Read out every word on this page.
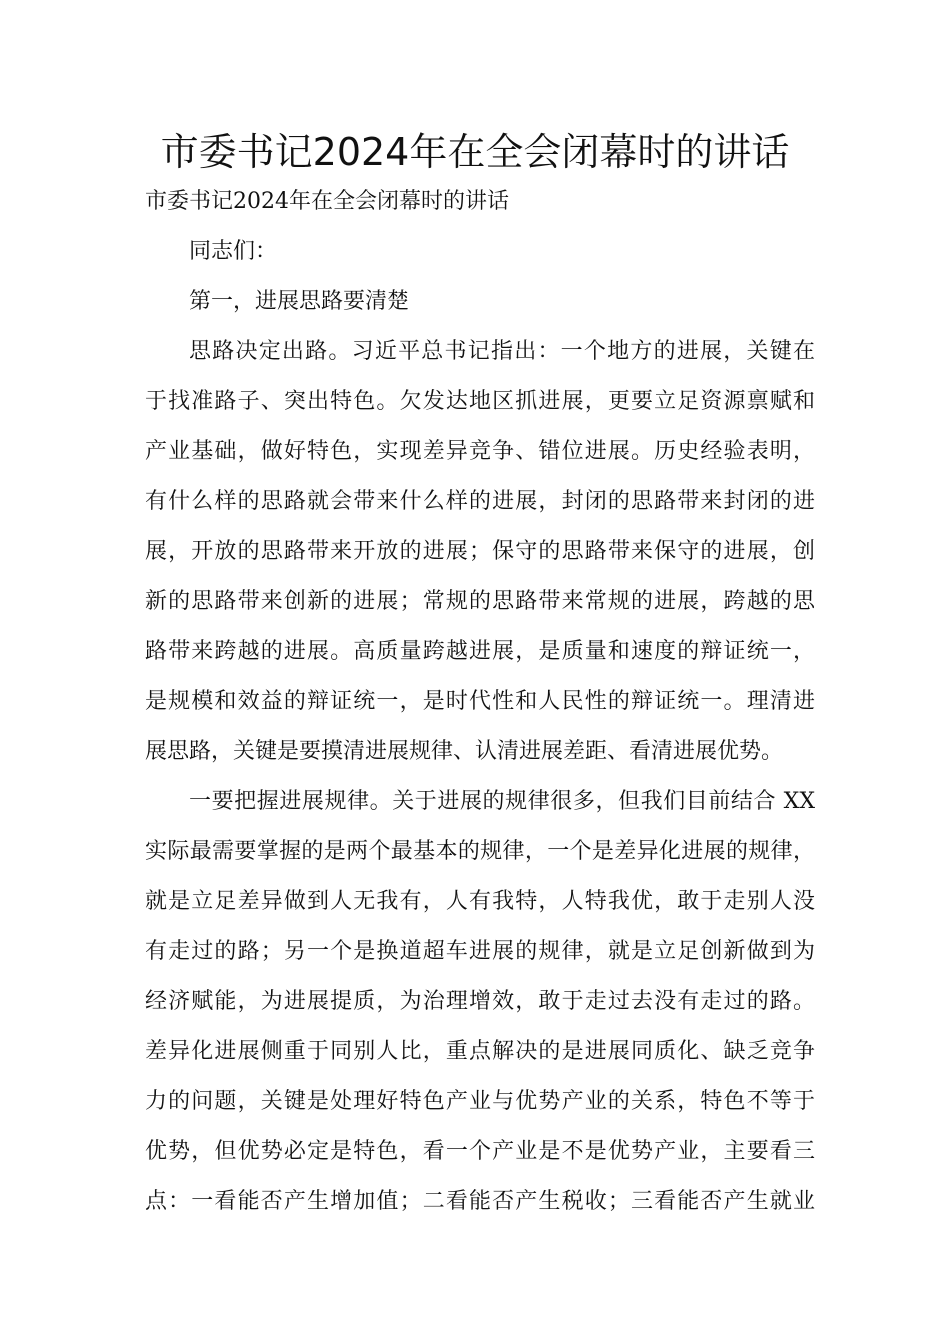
市委书记2024年在全会闭幕时的讲话
市委书记2024年在全会闭幕时的讲话
同志们：
第一，进展思路要清楚
思路决定出路。习近平总书记指出：一个地方的进展，关键在
于找准路子、突出特色。欠发达地区抓进展，更要立足资源禀赋和
产业基础，做好特色，实现差异竞争、错位进展。历史经验表明，
有什么样的思路就会带来什么样的进展，封闭的思路带来封闭的进
展，开放的思路带来开放的进展；保守的思路带来保守的进展，创
新的思路带来创新的进展；常规的思路带来常规的进展，跨越的思
路带来跨越的进展。高质量跨越进展，是质量和速度的辩证统一，
是规模和效益的辩证统一，是时代性和人民性的辩证统一。理清进
展思路，关键是要摸清进展规律、认清进展差距、看清进展优势。
一要把握进展规律。关于进展的规律很多，但我们目前结合 XX
实际最需要掌握的是两个最基本的规律，一个是差异化进展的规律，
就是立足差异做到人无我有，人有我特，人特我优，敢于走别人没
有走过的路；另一个是换道超车进展的规律，就是立足创新做到为
经济赋能，为进展提质，为治理增效，敢于走过去没有走过的路。
差异化进展侧重于同别人比，重点解决的是进展同质化、缺乏竞争
力的问题，关键是处理好特色产业与优势产业的关系，特色不等于
优势，但优势必定是特色，看一个产业是不是优势产业，主要看三
点：一看能否产生增加值；二看能否产生税收；三看能否产生就业
